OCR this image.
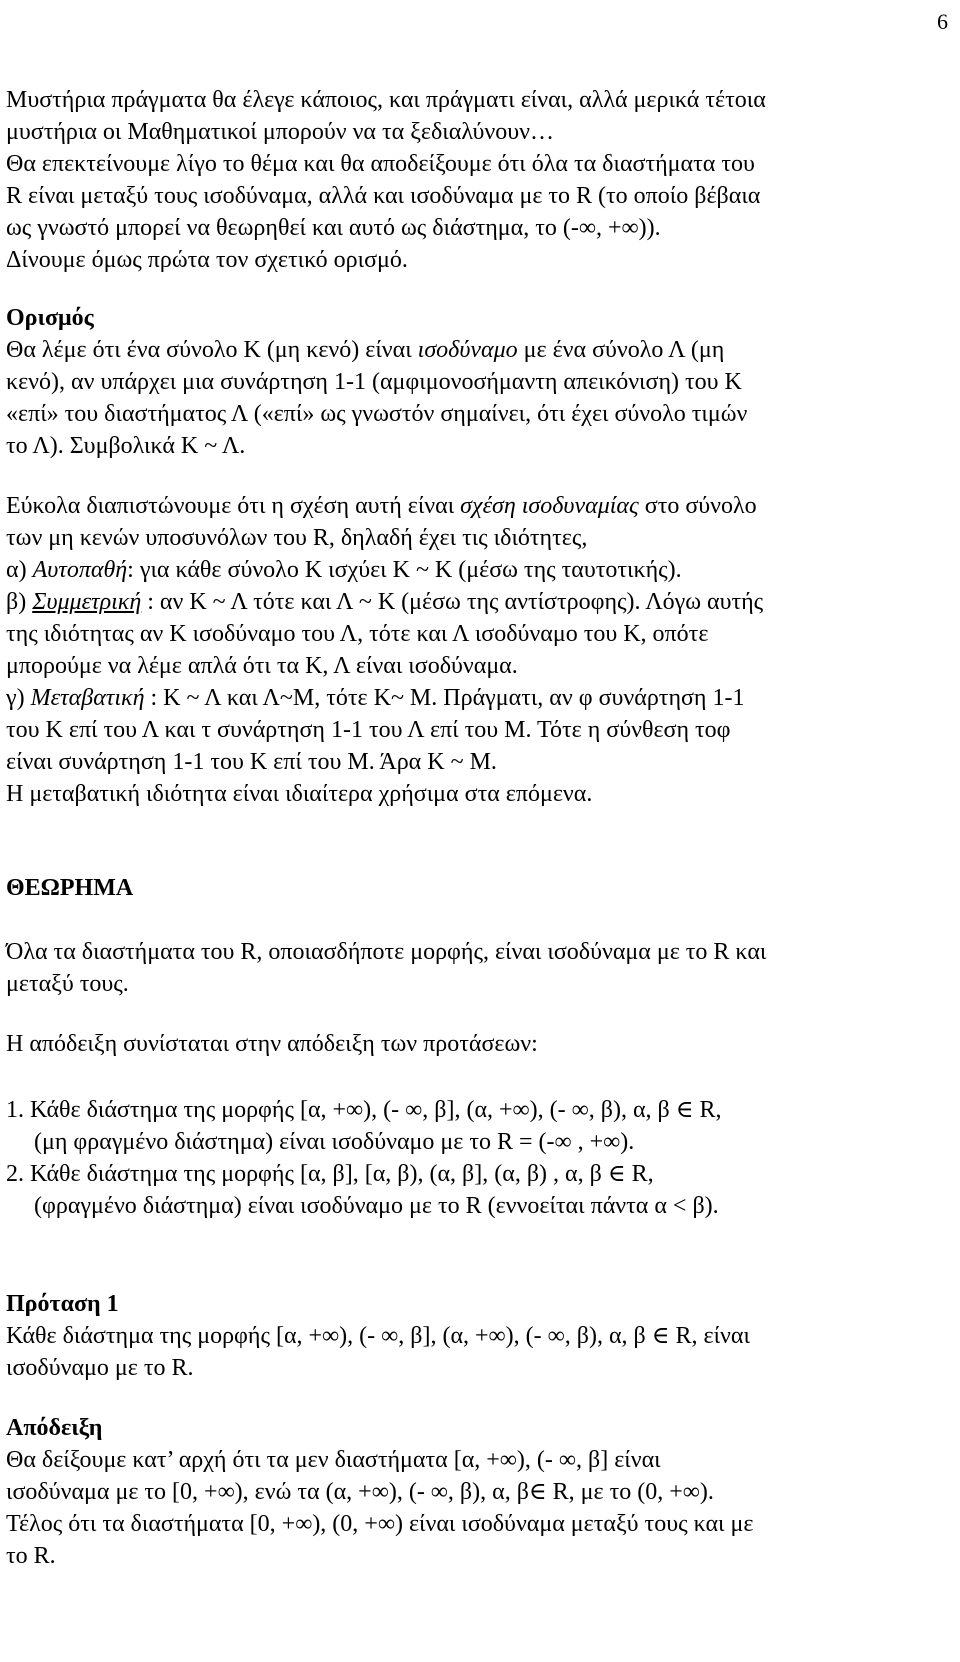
6
Μυστήρια πράγματα θα έλεγε κάποιος, και πράγματι είναι, αλλά μερικά τέτοια
μυστήρια οι Μαθηματικοί μπορούν να τα ξεδιαλύνουν…
Θα επεκτείνουμε λίγο το θέμα και θα αποδείξουμε ότι όλα τα διαστήματα του
R είναι μεταξύ τους ισοδύναμα, αλλά και ισοδύναμα με το R (το οποίο βέβαια
ως γνωστό μπορεί να θεωρηθεί και αυτό ως διάστημα, το (-∞, +∞)).
Δίνουμε όμως πρώτα τον σχετικό ορισμό.
Ορισμός
Θα λέμε ότι ένα σύνολο Κ (μη κενό) είναι ισοδύναμο με ένα σύνολο Λ (μη
κενό), αν υπάρχει μια συνάρτηση 1-1 (αμφιμονοσήμαντη απεικόνιση) του Κ
«επί» του διαστήματος Λ («επί» ως γνωστόν σημαίνει, ότι έχει σύνολο τιμών
το Λ). Συμβολικά Κ ~ Λ.
Εύκολα διαπιστώνουμε ότι η σχέση αυτή είναι σχέση ισοδυναμίας στο σύνολο
των μη κενών υποσυνόλων του R, δηλαδή έχει τις ιδιότητες,
α) Αυτοπαθή: για κάθε σύνολο Κ ισχύει Κ ~ Κ (μέσω της ταυτοτικής).
β) Συμμετρική : αν Κ ~ Λ τότε και Λ ~ Κ (μέσω της αντίστροφης). Λόγω αυτής
της ιδιότητας αν Κ ισοδύναμο του Λ, τότε και Λ ισοδύναμο του Κ, οπότε
μπορούμε να λέμε απλά ότι τα Κ, Λ είναι ισοδύναμα.
γ) Μεταβατική : Κ ~ Λ και Λ~Μ, τότε Κ~ Μ. Πράγματι, αν φ συνάρτηση 1-1
του Κ επί του Λ και τ συνάρτηση 1-1 του Λ επί του Μ. Τότε η σύνθεση τοφ
είναι συνάρτηση 1-1 του Κ επί του Μ. Άρα Κ ~ Μ.
Η μεταβατική ιδιότητα είναι ιδιαίτερα χρήσιμα στα επόμενα.
ΘΕΩΡΗΜΑ
Όλα τα διαστήματα του R, οποιασδήποτε μορφής, είναι ισοδύναμα με το R και
μεταξύ τους.
Η απόδειξη συνίσταται στην απόδειξη των προτάσεων:
1. Κάθε διάστημα της μορφής [α, +∞), (- ∞, β], (α, +∞), (- ∞, β), α, β ∈ R,
(μη φραγμένο διάστημα) είναι ισοδύναμο με το R = (-∞ , +∞).
2. Κάθε διάστημα της μορφής [α, β], [α, β), (α, β], (α, β) , α, β ∈ R,
(φραγμένο διάστημα) είναι ισοδύναμο με το R (εννοείται πάντα α < β).
Πρόταση 1
Κάθε διάστημα της μορφής [α, +∞), (- ∞, β], (α, +∞), (- ∞, β), α, β ∈ R, είναι
ισοδύναμο με το R.
Απόδειξη
Θα δείξουμε κατ’ αρχή ότι τα μεν διαστήματα [α, +∞), (- ∞, β] είναι
ισοδύναμα με το [0, +∞), ενώ τα (α, +∞), (- ∞, β), α, β∈ R, με το (0, +∞).
Τέλος ότι τα διαστήματα [0, +∞), (0, +∞) είναι ισοδύναμα μεταξύ τους και με
το R.
